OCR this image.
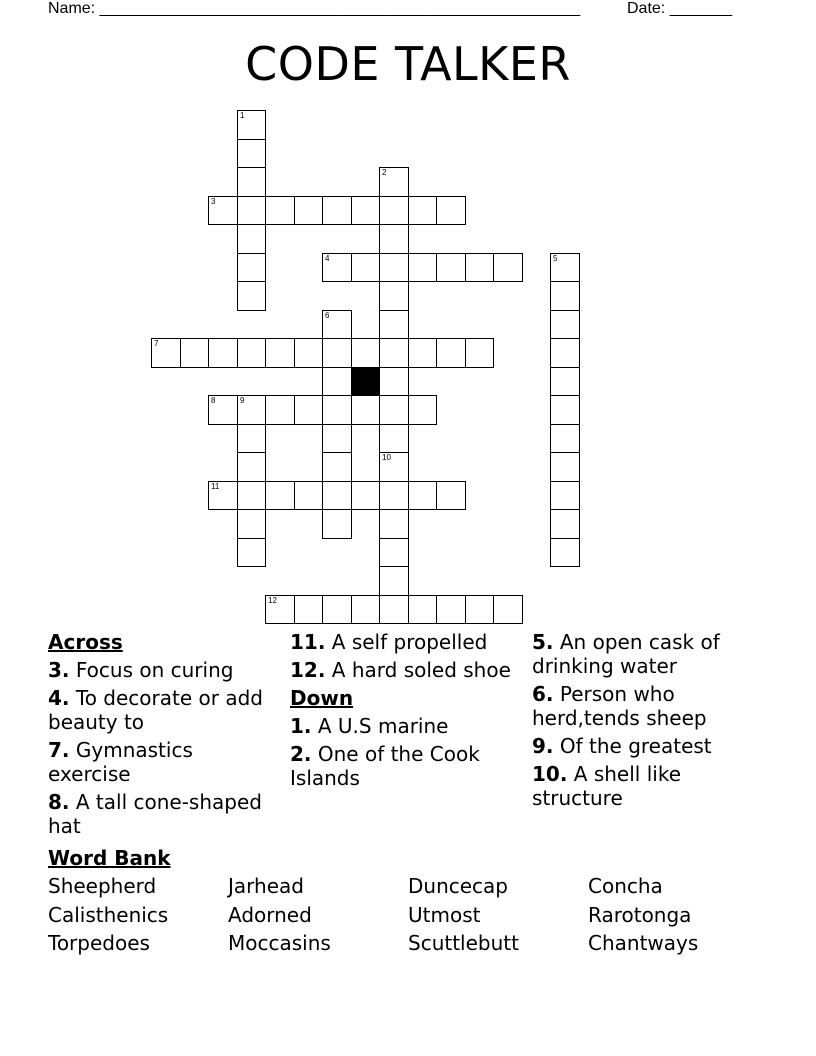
Name: ______________________________________________________	Date: _______
CODE TALKER
1
2
10
3
4	5
6
7
8	9
11
12
Across
3. Focus on curing
4. To decorate or add beauty to
7. Gymnastics exercise
8. A tall cone-shaped hat
11. A self propelled
12. A hard soled shoe
Down
1. A U.S marine
2. One of the Cook Islands
5. An open cask of drinking water
6. Person who herd,tends sheep
9. Of the greatest
10. A shell like structure
Word Bank
Sheepherd	Jarhead	Duncecap	Concha
Calisthenics	Adorned	Utmost	Rarotonga
Torpedoes	Moccasins	Scuttlebutt	Chantways
